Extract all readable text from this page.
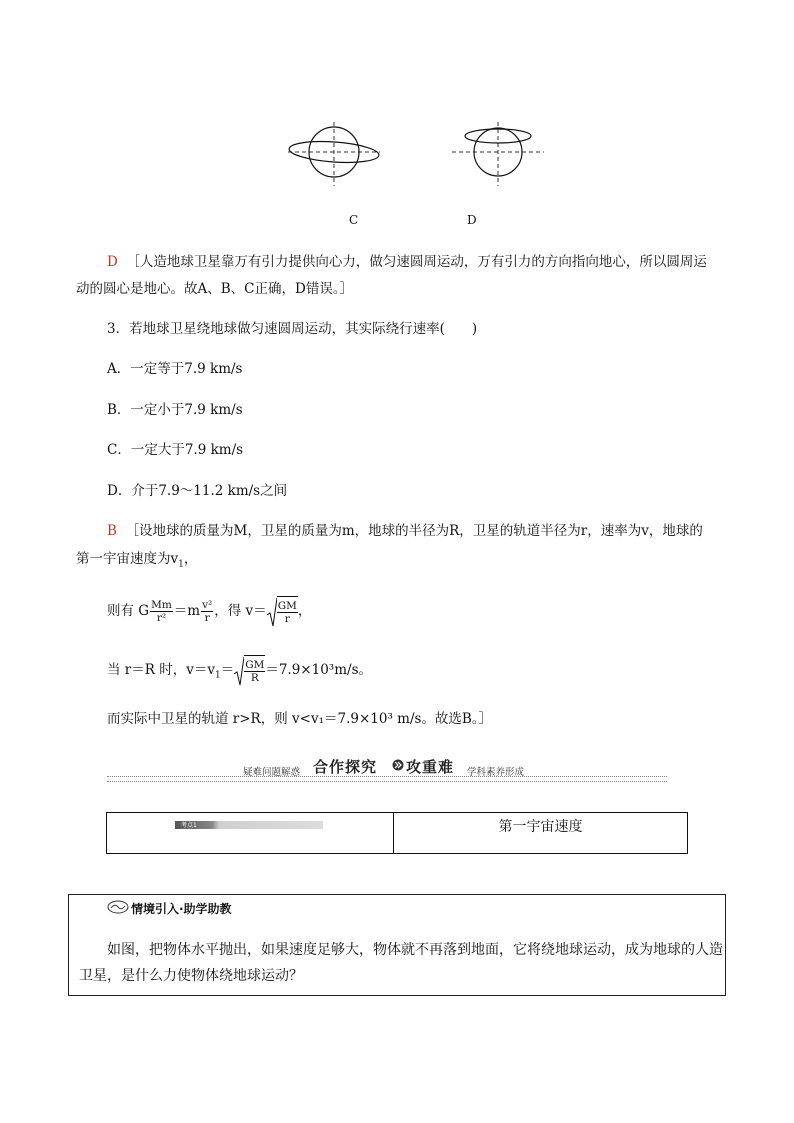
C	D
D ［人造地球卫星靠万有引力提供向心力，做匀速圆周运动，万有引力的方向指向地心，所以圆周运
动的圆心是地心。故A、B、C正确，D错误。］
3．若地球卫星绕地球做匀速圆周运动，其实际绕行速率(　　)
A．一定等于7.9 km/s
B．一定小于7.9 km/s
C．一定大于7.9 km/s
D．介于7.9～11.2 km/s之间
B ［设地球的质量为M，卫星的质量为m，地球的半径为R，卫星的轨道半径为r，速率为v，地球的
第一宇宙速度为$v_1$，
则有 G $\frac{Mm}{\text{r²}} =m \frac{\text{v²}}{r}$ ，得 $v= \frac{GM}{r}$ ，
当 r＝R 时，$v=v_1= \frac{GM}{R} =7.9\times 10^3m/s$。
而实际中卫星的轨道 r>R，则 v<v₁＝7.9×10³ m/s。故选B。］
疑难问题解惑 合作探究 攻重难 学科素养形成
考点1	第一宇宙速度
情境引入·助学助教
如图，把物体水平抛出，如果速度足够大，物体就不再落到地面，它将绕地球运动，成为地球的人造
卫星，是什么力使物体绕地球运动？
